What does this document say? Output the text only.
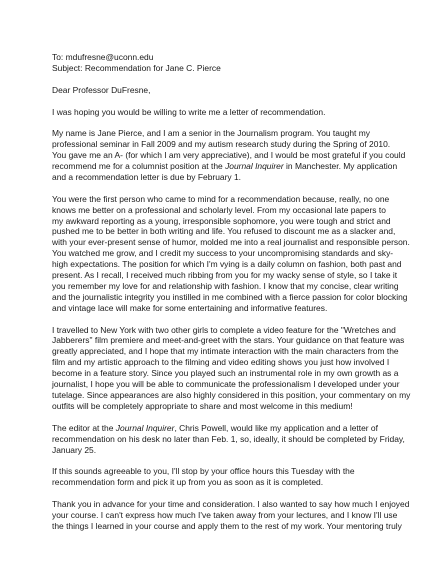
To: mdufresne@uconn.edu
Subject: Recommendation for Jane C. Pierce
Dear Professor DuFresne,
I was hoping you would be willing to write me a letter of recommendation.
My name is Jane Pierce, and I am a senior in the Journalism program. You taught my
professional seminar in Fall 2009 and my autism research study during the Spring of 2010.
You gave me an A- (for which I am very appreciative), and I would be most grateful if you could
recommend me for a columnist position at the Journal Inquirer in Manchester. My application
and a recommendation letter is due by February 1.
You were the first person who came to mind for a recommendation because, really, no one
knows me better on a professional and scholarly level. From my occasional late papers to
my awkward reporting as a young, irresponsible sophomore, you were tough and strict and
pushed me to be better in both writing and life. You refused to discount me as a slacker and,
with your ever-present sense of humor, molded me into a real journalist and responsible person.
You watched me grow, and I credit my success to your uncompromising standards and sky-
high expectations. The position for which I'm vying is a daily column on fashion, both past and
present. As I recall, I received much ribbing from you for my wacky sense of style, so I take it
you remember my love for and relationship with fashion. I know that my concise, clear writing
and the journalistic integrity you instilled in me combined with a fierce passion for color blocking
and vintage lace will make for some entertaining and informative features.
I travelled to New York with two other girls to complete a video feature for the "Wretches and
Jabberers" film premiere and meet-and-greet with the stars. Your guidance on that feature was
greatly appreciated, and I hope that my intimate interaction with the main characters from the
film and my artistic approach to the filming and video editing shows you just how involved I
become in a feature story. Since you played such an instrumental role in my own growth as a
journalist, I hope you will be able to communicate the professionalism I developed under your
tutelage. Since appearances are also highly considered in this position, your commentary on my
outfits will be completely appropriate to share and most welcome in this medium!
The editor at the Journal Inquirer, Chris Powell, would like my application and a letter of
recommendation on his desk no later than Feb. 1, so, ideally, it should be completed by Friday,
January 25.
If this sounds agreeable to you, I'll stop by your office hours this Tuesday with the
recommendation form and pick it up from you as soon as it is completed.
Thank you in advance for your time and consideration. I also wanted to say how much I enjoyed
your course. I can't express how much I've taken away from your lectures, and I know I'll use
the things I learned in your course and apply them to the rest of my work. Your mentoring truly
